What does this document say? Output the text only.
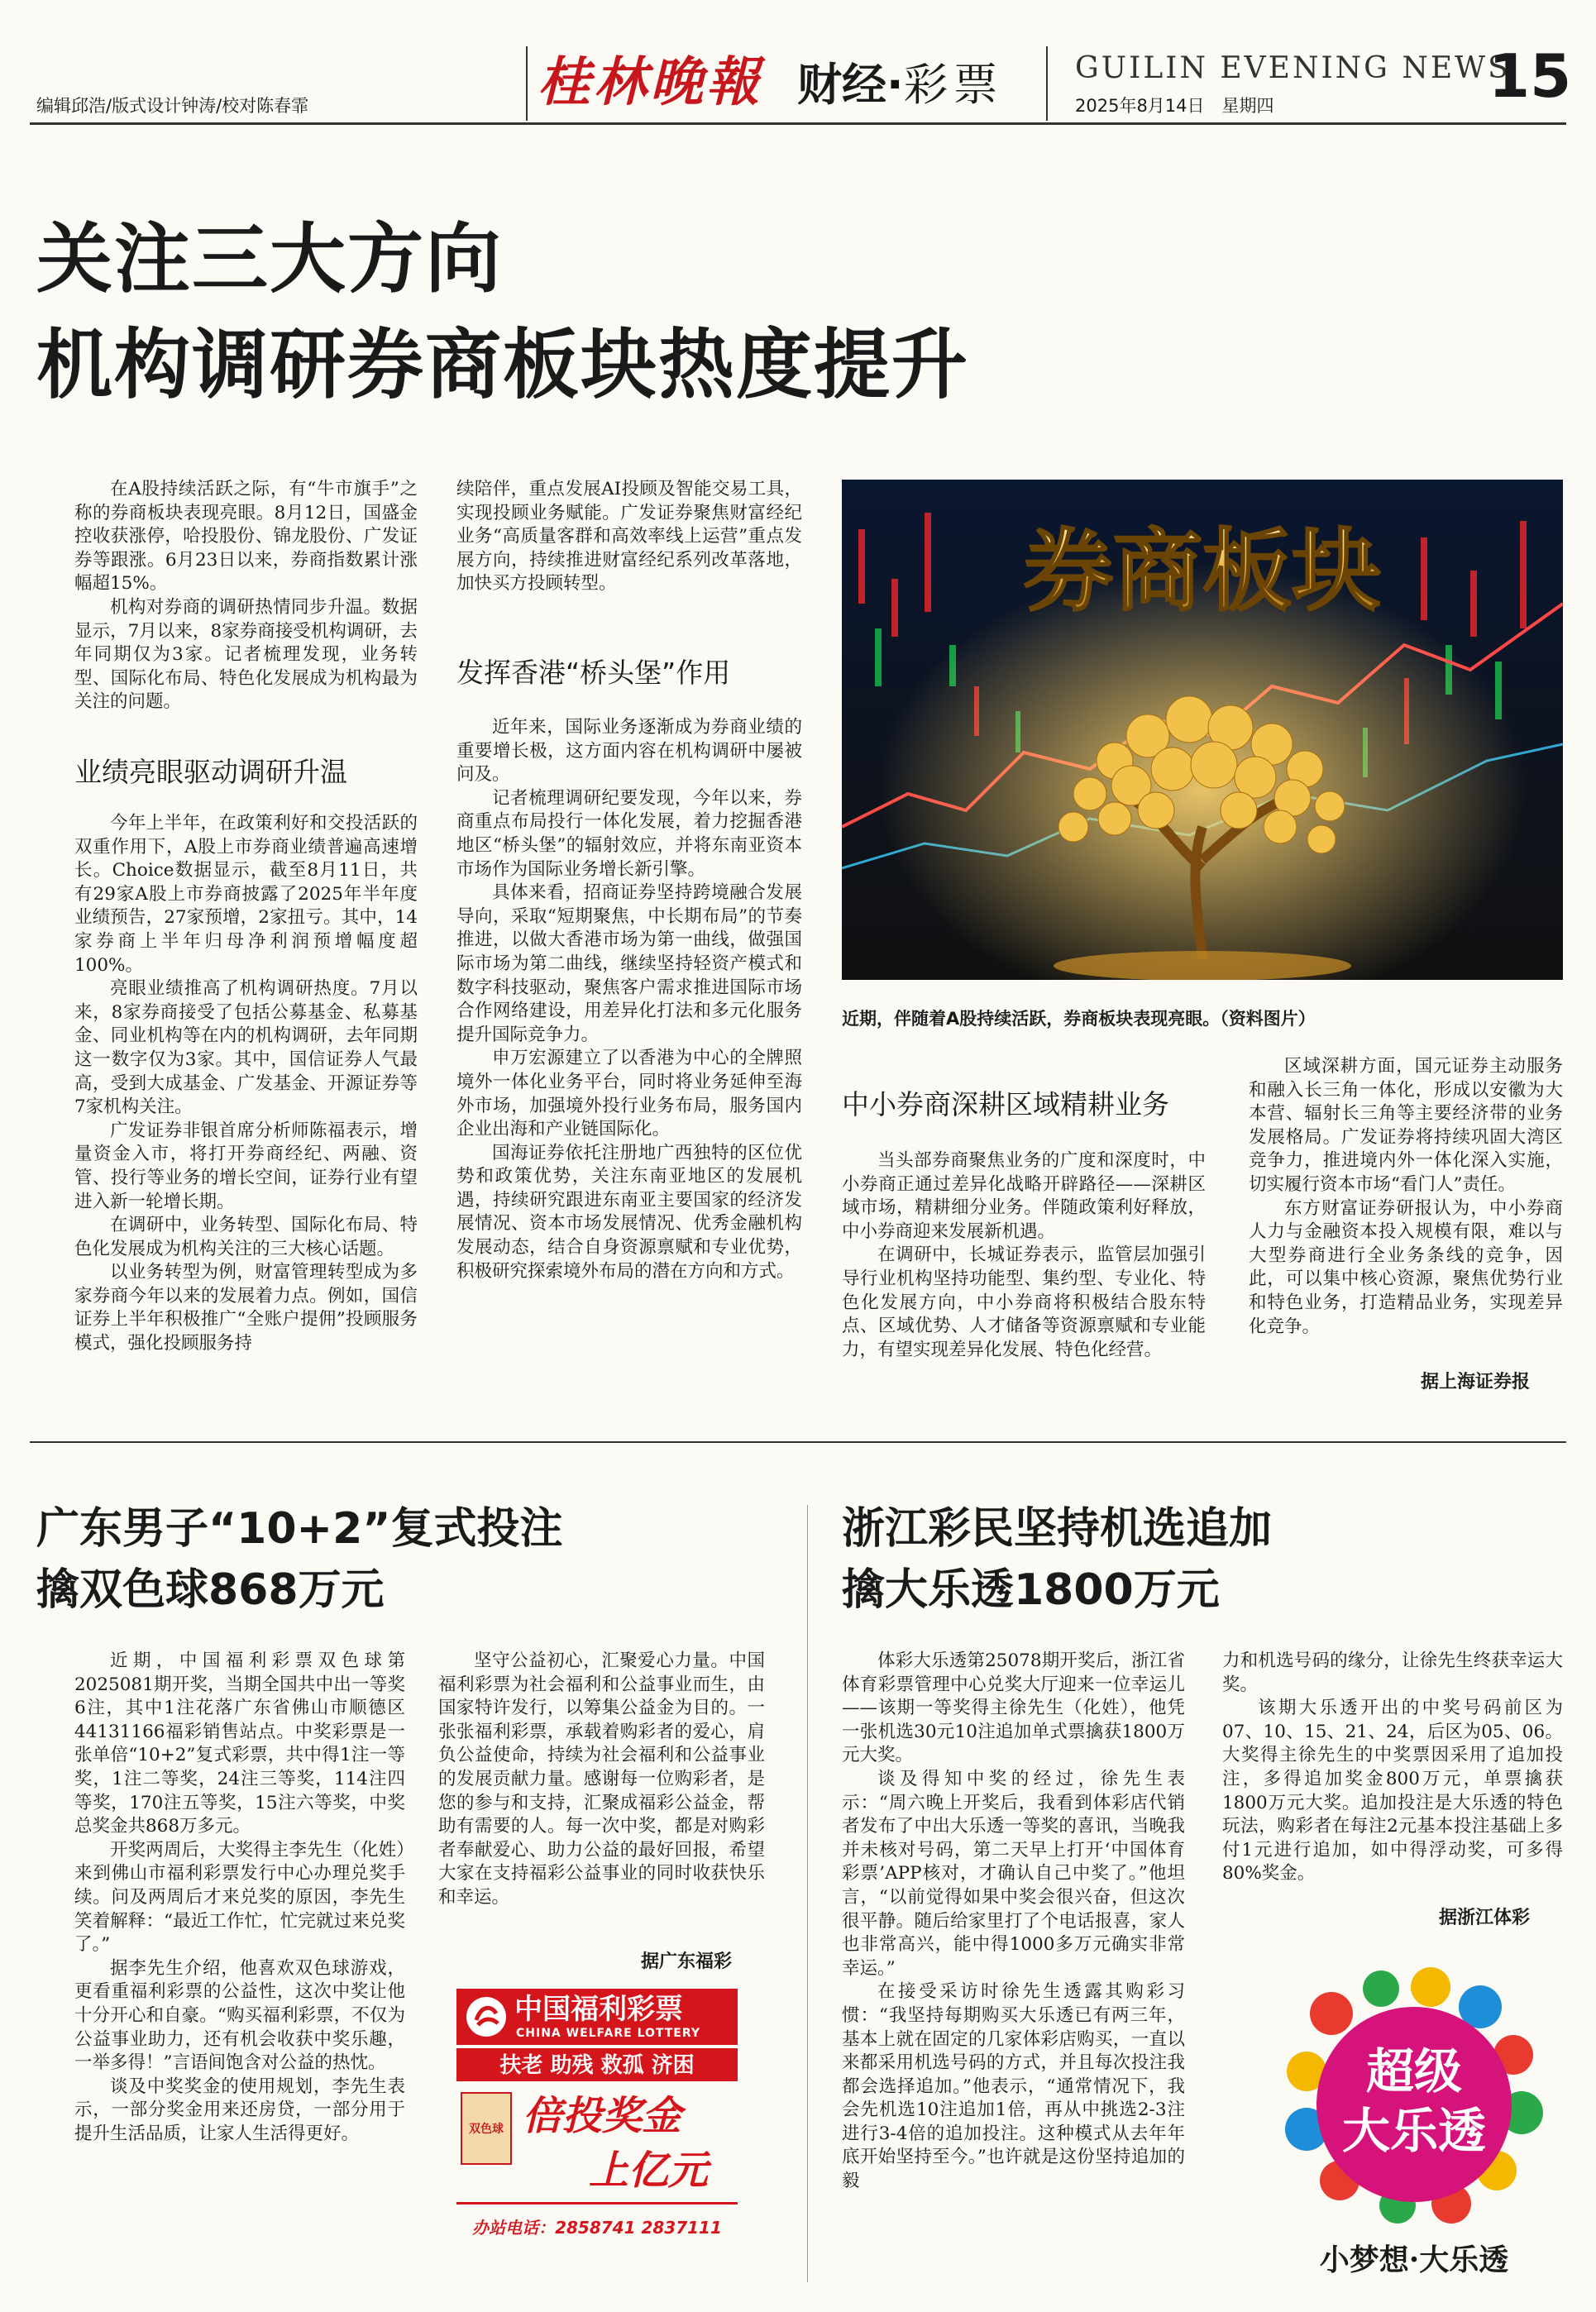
编辑邱浩/版式设计钟涛/校对陈春霏	桂林晚報 财经·彩票 GUILIN EVENING NEWS
2025年8月14日　星期四	15
关注三大方向
机构调研券商板块热度提升

在A股持续活跃之际，有“牛市旗手”之称的券商板块表现亮眼。8月12日，国盛金控收获涨停，哈投股份、锦龙股份、广发证券等跟涨。6月23日以来，券商指数累计涨幅超15%。

机构对券商的调研热情同步升温。数据显示，7月以来，8家券商接受机构调研，去年同期仅为3家。记者梳理发现，业务转型、国际化布局、特色化发展成为机构最为关注的问题。

业绩亮眼驱动调研升温

今年上半年，在政策利好和交投活跃的双重作用下，A股上市券商业绩普遍高速增长。Choice数据显示，截至8月11日，共有29家A股上市券商披露了2025年半年度业绩预告，27家预增，2家扭亏。其中，14家券商上半年归母净利润预增幅度超100%。

亮眼业绩推高了机构调研热度。7月以来，8家券商接受了包括公募基金、私募基金、同业机构等在内的机构调研，去年同期这一数字仅为3家。其中，国信证券人气最高，受到大成基金、广发基金、开源证券等7家机构关注。

广发证券非银首席分析师陈福表示，增量资金入市，将打开券商经纪、两融、资管、投行等业务的增长空间，证券行业有望进入新一轮增长期。

在调研中，业务转型、国际化布局、特色化发展成为机构关注的三大核心话题。

以业务转型为例，财富管理转型成为多家券商今年以来的发展着力点。例如，国信证券上半年积极推广“全账户提佣”投顾服务模式，强化投顾服务持

续陪伴，重点发展AI投顾及智能交易工具，实现投顾业务赋能。广发证券聚焦财富经纪业务“高质量客群和高效率线上运营”重点发展方向，持续推进财富经纪系列改革落地，加快买方投顾转型。

发挥香港“桥头堡”作用

近年来，国际业务逐渐成为券商业绩的重要增长极，这方面内容在机构调研中屡被问及。

记者梳理调研纪要发现，今年以来，券商重点布局投行一体化发展，着力挖掘香港地区“桥头堡”的辐射效应，并将东南亚资本市场作为国际业务增长新引擎。

具体来看，招商证券坚持跨境融合发展导向，采取“短期聚焦，中长期布局”的节奏推进，以做大香港市场为第一曲线，做强国际市场为第二曲线，继续坚持轻资产模式和数字科技驱动，聚焦客户需求推进国际市场合作网络建设，用差异化打法和多元化服务提升国际竞争力。

申万宏源建立了以香港为中心的全牌照境外一体化业务平台，同时将业务延伸至海外市场，加强境外投行业务布局，服务国内企业出海和产业链国际化。

国海证券依托注册地广西独特的区位优势和政策优势，关注东南亚地区的发展机遇，持续研究跟进东南亚主要国家的经济发展情况、资本市场发展情况、优秀金融机构发展动态，结合自身资源禀赋和专业优势，积极研究探索境外布局的潜在方向和方式。

券商板块
近期，伴随着A股持续活跃，券商板块表现亮眼。（资料图片）
中小券商深耕区域精耕业务

当头部券商聚焦业务的广度和深度时，中小券商正通过差异化战略开辟路径——深耕区域市场，精耕细分业务。伴随政策利好释放，中小券商迎来发展新机遇。

在调研中，长城证券表示，监管层加强引导行业机构坚持功能型、集约型、专业化、特色化发展方向，中小券商将积极结合股东特点、区域优势、人才储备等资源禀赋和专业能力，有望实现差异化发展、特色化经营。

区域深耕方面，国元证券主动服务和融入长三角一体化，形成以安徽为大本营、辐射长三角等主要经济带的业务发展格局。广发证券将持续巩固大湾区竞争力，推进境内外一体化深入实施，切实履行资本市场“看门人”责任。

东方财富证券研报认为，中小券商人力与金融资本投入规模有限，难以与大型券商进行全业务条线的竞争，因此，可以集中核心资源，聚焦优势行业和特色业务，打造精品业务，实现差异化竞争。

据上海证券报
广东男子“10+2”复式投注
擒双色球868万元

近期，中国福利彩票双色球第2025081期开奖，当期全国共中出一等奖6注，其中1注花落广东省佛山市顺德区44131166福彩销售站点。中奖彩票是一张单倍“10+2”复式彩票，共中得1注一等奖，1注二等奖，24注三等奖，114注四等奖，170注五等奖，15注六等奖，中奖总奖金共868万多元。

开奖两周后，大奖得主李先生（化姓）来到佛山市福利彩票发行中心办理兑奖手续。问及两周后才来兑奖的原因，李先生笑着解释：“最近工作忙，忙完就过来兑奖了。”

据李先生介绍，他喜欢双色球游戏，更看重福利彩票的公益性，这次中奖让他十分开心和自豪。“购买福利彩票，不仅为公益事业助力，还有机会收获中奖乐趣，一举多得！”言语间饱含对公益的热忱。

谈及中奖奖金的使用规划，李先生表示，一部分奖金用来还房贷，一部分用于提升生活品质，让家人生活得更好。

坚守公益初心，汇聚爱心力量。中国福利彩票为社会福利和公益事业而生，由国家特许发行，以筹集公益金为目的。一张张福利彩票，承载着购彩者的爱心，肩负公益使命，持续为社会福利和公益事业的发展贡献力量。感谢每一位购彩者，是您的参与和支持，汇聚成福彩公益金，帮助有需要的人。每一次中奖，都是对购彩者奉献爱心、助力公益的最好回报，希望大家在支持福彩公益事业的同时收获快乐和幸运。

据广东福彩
中国福利彩票
CHINA WELFARE LOTTERY
扶老 助残 救孤 济困
双色球 倍投奖金
上亿元
办站电话：2858741 2837111
浙江彩民坚持机选追加
擒大乐透1800万元

体彩大乐透第25078期开奖后，浙江省体育彩票管理中心兑奖大厅迎来一位幸运儿——该期一等奖得主徐先生（化姓），他凭一张机选30元10注追加单式票擒获1800万元大奖。

谈及得知中奖的经过，徐先生表示：“周六晚上开奖后，我看到体彩店代销者发布了中出大乐透一等奖的喜讯，当晚我并未核对号码，第二天早上打开‘中国体育彩票’APP核对，才确认自己中奖了。”他坦言，“以前觉得如果中奖会很兴奋，但这次很平静。随后给家里打了个电话报喜，家人也非常高兴，能中得1000多万元确实非常幸运。”

在接受采访时徐先生透露其购彩习惯：“我坚持每期购买大乐透已有两三年，基本上就在固定的几家体彩店购买，一直以来都采用机选号码的方式，并且每次投注我都会选择追加。”他表示，“通常情况下，我会先机选10注追加1倍，再从中挑选2-3注进行3-4倍的追加投注。这种模式从去年年底开始坚持至今。”也许就是这份坚持追加的毅

力和机选号码的缘分，让徐先生终获幸运大奖。

该期大乐透开出的中奖号码前区为07、10、15、21、24，后区为05、06。大奖得主徐先生的中奖票因采用了追加投注，多得追加奖金800万元，单票擒获1800万元大奖。追加投注是大乐透的特色玩法，购彩者在每注2元基本投注基础上多付1元进行追加，如中得浮动奖，可多得80%奖金。

据浙江体彩
超级
大乐透
小梦想·大乐透
